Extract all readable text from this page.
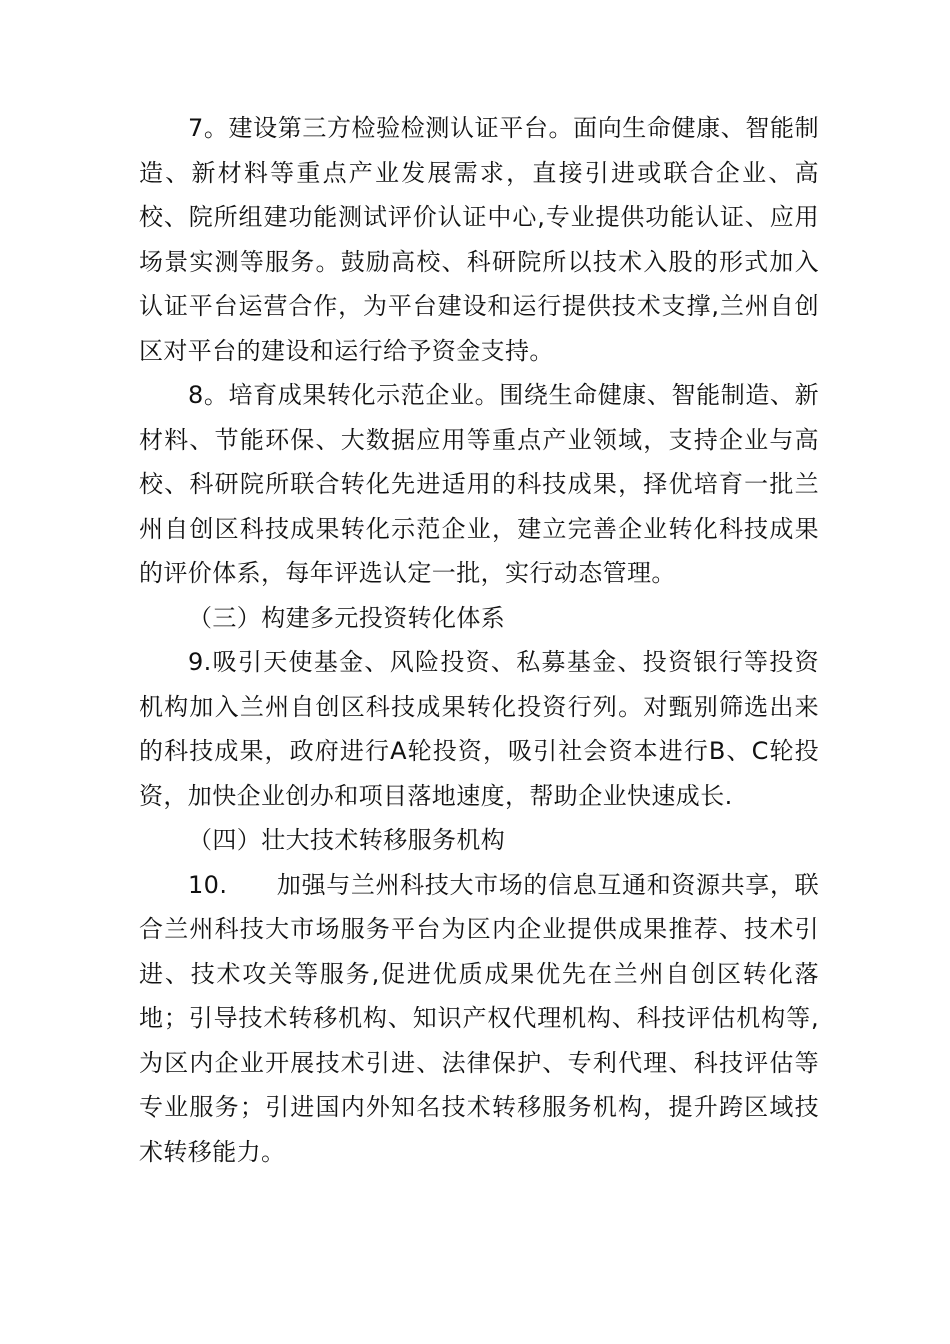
7。建设第三方检验检测认证平台。面向生命健康、智能制造、新材料等重点产业发展需求，直接引进或联合企业、高校、院所组建功能测试评价认证中心,专业提供功能认证、应用场景实测等服务。鼓励高校、科研院所以技术入股的形式加入认证平台运营合作，为平台建设和运行提供技术支撑,兰州自创区对平台的建设和运行给予资金支持。

8。培育成果转化示范企业。围绕生命健康、智能制造、新材料、节能环保、大数据应用等重点产业领域，支持企业与高校、科研院所联合转化先进适用的科技成果，择优培育一批兰州自创区科技成果转化示范企业，建立完善企业转化科技成果的评价体系，每年评选认定一批，实行动态管理。

（三）构建多元投资转化体系

9.吸引天使基金、风险投资、私募基金、投资银行等投资机构加入兰州自创区科技成果转化投资行列。对甄别筛选出来的科技成果，政府进行A轮投资，吸引社会资本进行B、C轮投资，加快企业创办和项目落地速度，帮助企业快速成长.

（四）壮大技术转移服务机构

10.　　加强与兰州科技大市场的信息互通和资源共享，联合兰州科技大市场服务平台为区内企业提供成果推荐、技术引进、技术攻关等服务,促进优质成果优先在兰州自创区转化落地；引导技术转移机构、知识产权代理机构、科技评估机构等,为区内企业开展技术引进、法律保护、专利代理、科技评估等专业服务；引进国内外知名技术转移服务机构，提升跨区域技术转移能力。
